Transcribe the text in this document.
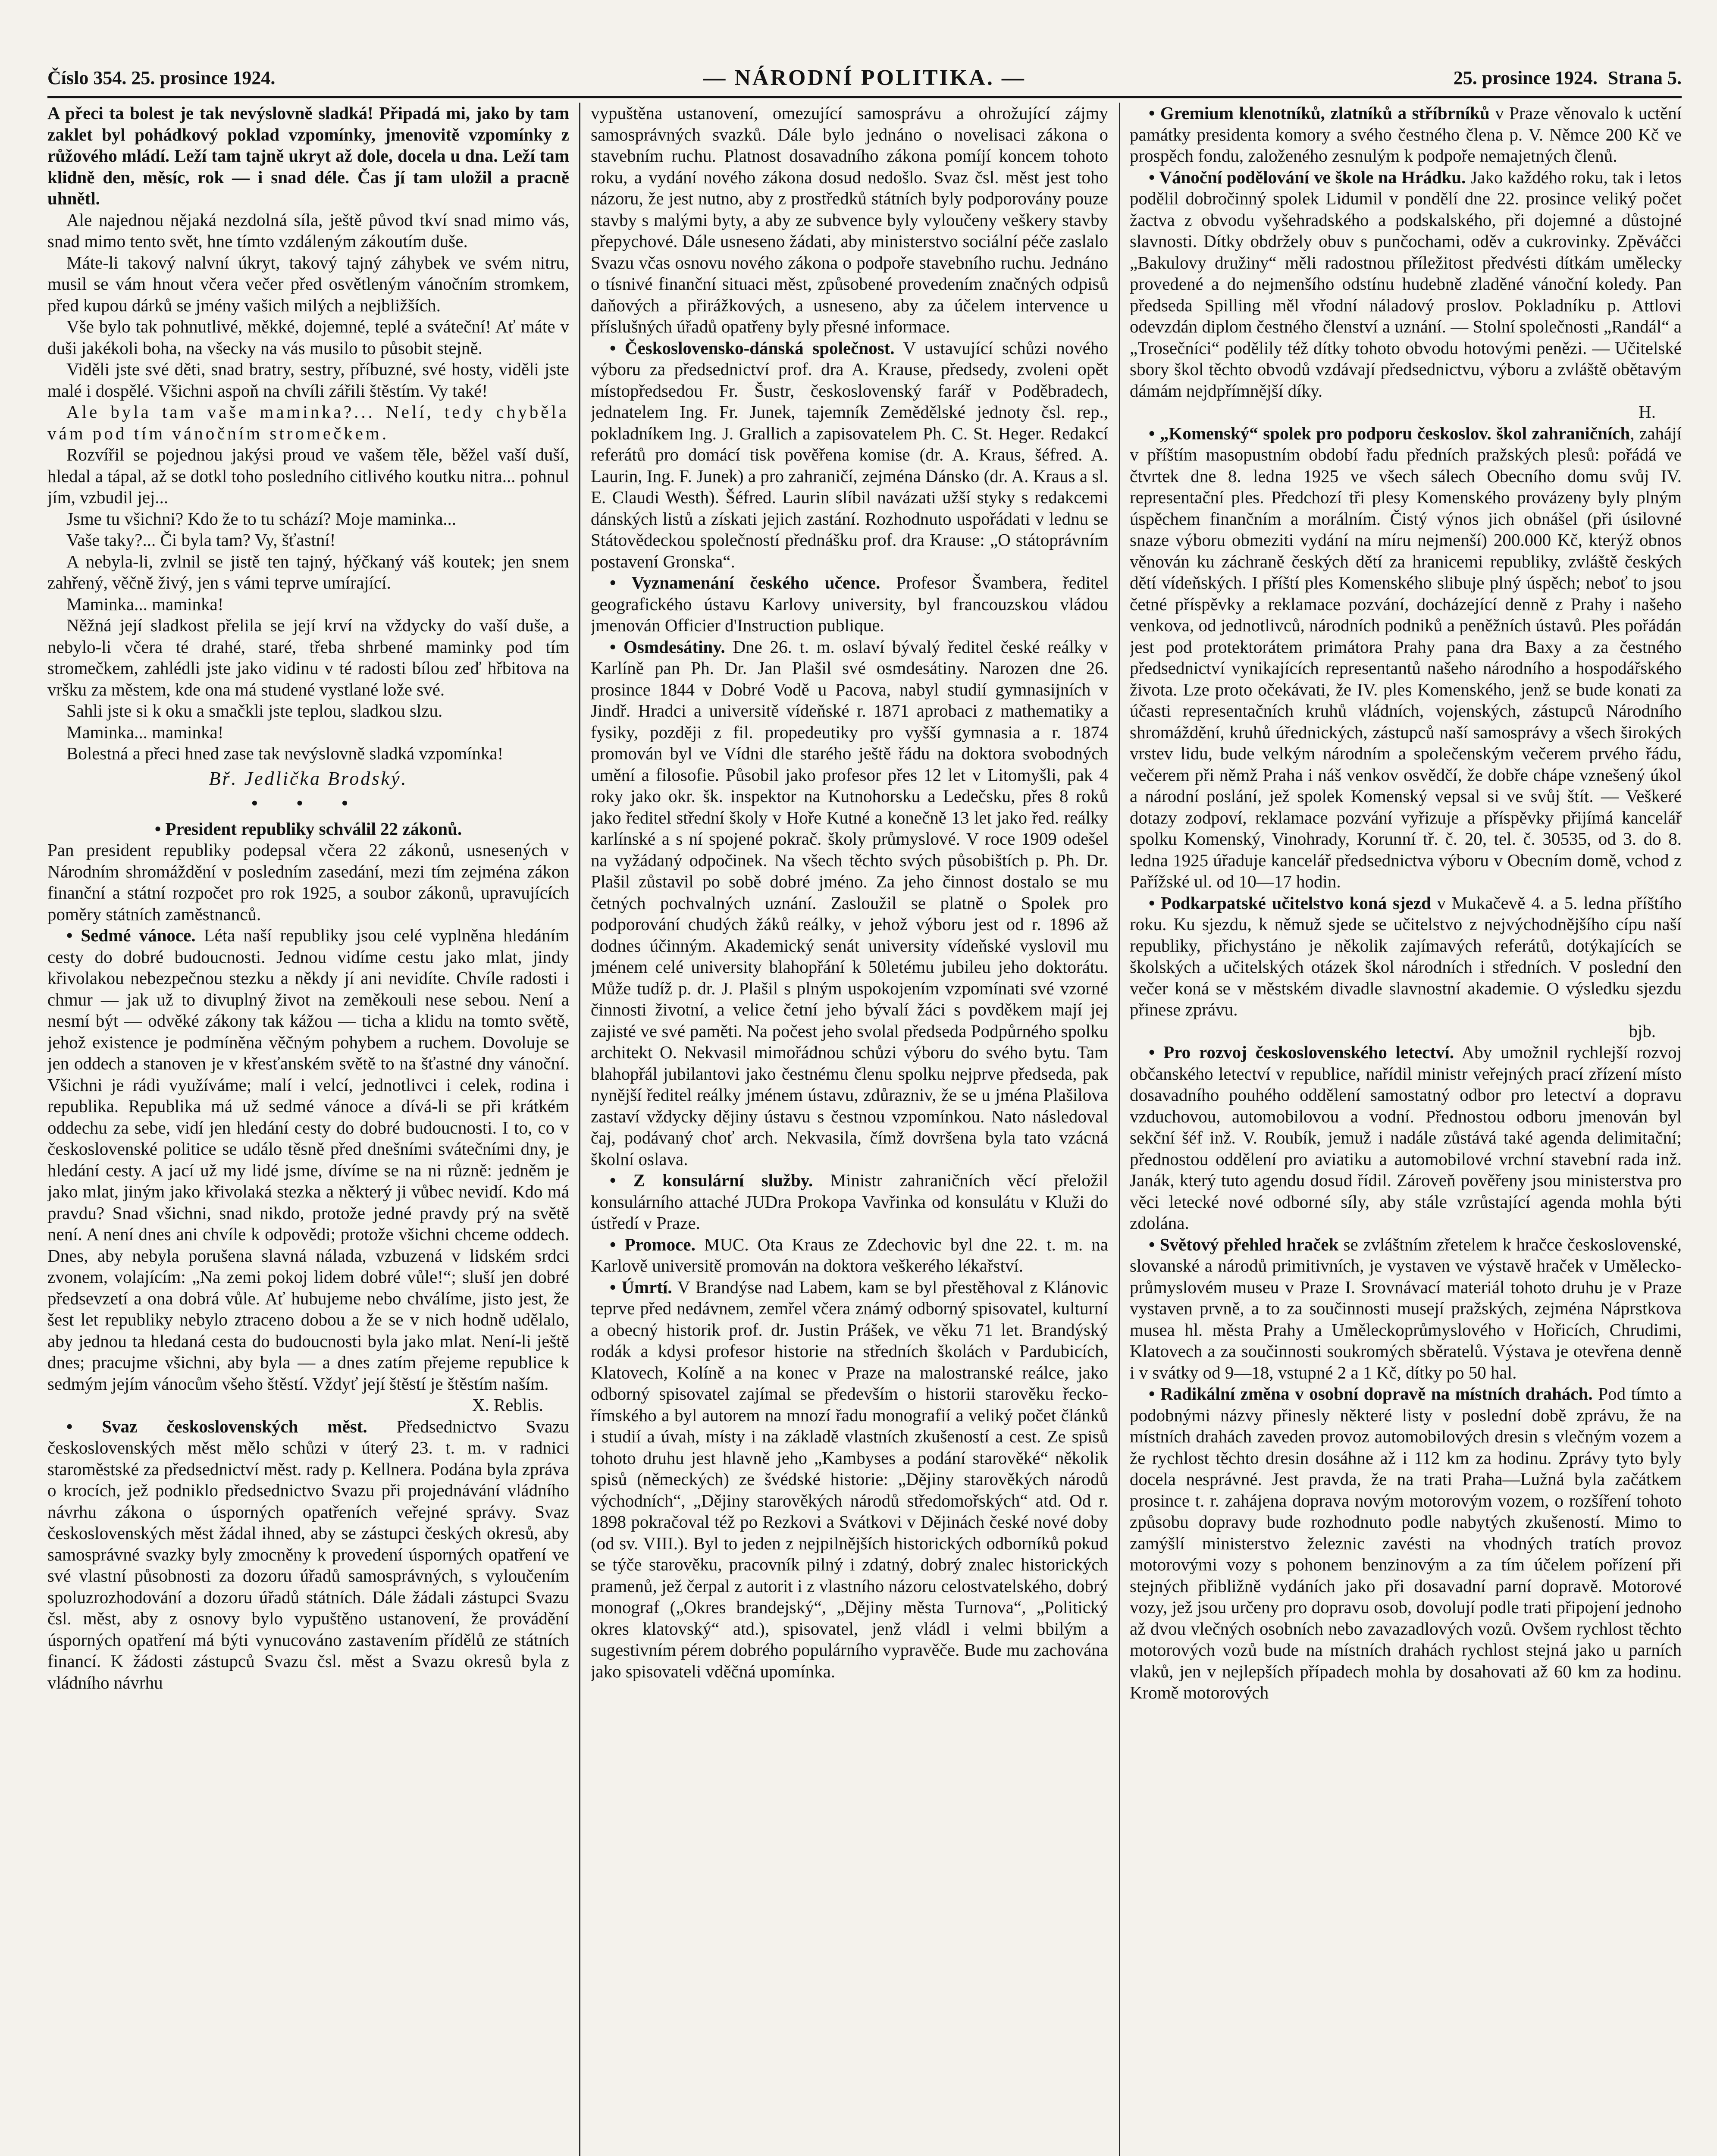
Číslo 354. 25. prosince 1924.	— NÁRODNÍ POLITIKA. —	25. prosince 1924. Strana 5.

A přeci ta bolest je tak nevýslovně sladká! Připadá mi, jako by tam zaklet byl pohádkový poklad vzpomínky, jmenovitě vzpomínky z růžového mládí. Leží tam tajně ukryt až dole, docela u dna. Leží tam klidně den, měsíc, rok — i snad déle. Čas jí tam uložil a pracně uhnětl.

Ale najednou nějaká nezdolná síla, ještě původ tkví snad mimo vás, snad mimo tento svět, hne tímto vzdáleným zákoutím duše.

Máte-li takový nalvní úkryt, takový tajný záhybek ve svém nitru, musil se vám hnout včera večer před osvětleným vánočním stromkem, před kupou dárků se jmény vašich milých a nejbližších.

Vše bylo tak pohnutlivé, měkké, dojemné, teplé a sváteční! Ať máte v duši jakékoli boha, na všecky na vás musilo to působit stejně.

Viděli jste své děti, snad bratry, sestry, příbuzné, své hosty, viděli jste malé i dospělé. Všichni aspoň na chvíli zářili štěstím. Vy také!

Ale byla tam vaše maminka?... Nelí, tedy chyběla vám pod tím vánočním stromečkem.

Rozvířil se pojednou jakýsi proud ve vašem těle, běžel vaší duší, hledal a tápal, až se dotkl toho posledního citlivého koutku nitra... pohnul jím, vzbudil jej...

Jsme tu všichni? Kdo že to tu schází? Moje maminka...

Vaše taky?... Či byla tam? Vy, šťastní!

A nebyla-li, zvlnil se jistě ten tajný, hýčkaný váš koutek; jen snem zahřený, věčně živý, jen s vámi teprve umírající.

Maminka... maminka!

Něžná její sladkost přelila se její krví na vždycky do vaší duše, a nebylo-li včera té drahé, staré, třeba shrbené maminky pod tím stromečkem, zahlédli jste jako vidinu v té radosti bílou zeď hřbitova na vršku za městem, kde ona má studené vystlané lože své.

Sahli jste si k oku a smačkli jste teplou, sladkou slzu.

Maminka... maminka!

Bolestná a přeci hned zase tak nevýslovně sladká vzpomínka!

Bř. Jedlička Brodský.

• • •

• President republiky schválil 22 zákonů.

Pan president republiky podepsal včera 22 zákonů, usnesených v Národním shromáždění v posledním zasedání, mezi tím zejména zákon finanční a státní rozpočet pro rok 1925, a soubor zákonů, upravujících poměry státních zaměstnanců.

• Sedmé vánoce. Léta naší republiky jsou celé vyplněna hledáním cesty do dobré budoucnosti. Jednou vidíme cestu jako mlat, jindy křivolakou nebezpečnou stezku a někdy jí ani nevidíte. Chvíle radosti i chmur — jak už to divuplný život na zeměkouli nese sebou. Není a nesmí být — odvěké zákony tak kážou — ticha a klidu na tomto světě, jehož existence je podmíněna věčným pohybem a ruchem. Dovoluje se jen oddech a stanoven je v křesťanském světě to na šťastné dny vánoční. Všichni je rádi využíváme; malí i velcí, jednotlivci i celek, rodina i republika. Republika má už sedmé vánoce a dívá-li se při krátkém oddechu za sebe, vidí jen hledání cesty do dobré budoucnosti. I to, co v československé politice se událo těsně před dnešními svátečními dny, je hledání cesty. A jací už my lidé jsme, dívíme se na ni různě: jedněm je jako mlat, jiným jako křivolaká stezka a některý ji vůbec nevidí. Kdo má pravdu? Snad všichni, snad nikdo, protože jedné pravdy prý na světě není. A není dnes ani chvíle k odpovědi; protože všichni chceme oddech. Dnes, aby nebyla porušena slavná nálada, vzbuzená v lidském srdci zvonem, volajícím: „Na zemi pokoj lidem dobré vůle!“; sluší jen dobré předsevzetí a ona dobrá vůle. Ať hubujeme nebo chválíme, jisto jest, že šest let republiky nebylo ztraceno dobou a že se v nich hodně udělalo, aby jednou ta hledaná cesta do budoucnosti byla jako mlat. Není-li ještě dnes; pracujme všichni, aby byla — a dnes zatím přejeme republice k sedmým jejím vánocům všeho štěstí. Vždyť její štěstí je štěstím naším.

X. Reblis.

• Svaz československých měst. Předsednictvo Svazu československých měst mělo schůzi v úterý 23. t. m. v radnici staroměstské za předsednictví měst. rady p. Kellnera. Podána byla zpráva o krocích, jež podniklo předsednictvo Svazu při projednávání vládního návrhu zákona o úsporných opatřeních veřejné správy. Svaz československých měst žádal ihned, aby se zástupci českých okresů, aby samosprávné svazky byly zmocněny k provedení úsporných opatření ve své vlastní působnosti za dozoru úřadů samosprávných, s vyloučením spoluzrozhodování a dozoru úřadů státních. Dále žádali zástupci Svazu čsl. měst, aby z osnovy bylo vypuštěno ustanovení, že provádění úsporných opatření má býti vynucováno zastavením přídělů ze státních financí. K žádosti zástupců Svazu čsl. měst a Svazu okresů byla z vládního návrhu

vypuštěna ustanovení, omezující samosprávu a ohrožující zájmy samosprávných svazků. Dále bylo jednáno o novelisaci zákona o stavebním ruchu. Platnost dosavadního zákona pomíjí koncem tohoto roku, a vydání nového zákona dosud nedošlo. Svaz čsl. měst jest toho názoru, že jest nutno, aby z prostředků státních byly podporovány pouze stavby s malými byty, a aby ze subvence byly vyloučeny veškery stavby přepychové. Dále usneseno žádati, aby ministerstvo sociální péče zaslalo Svazu včas osnovu nového zákona o podpoře stavebního ruchu. Jednáno o tísnivé finanční situaci měst, způsobené provedením značných odpisů daňových a přirážkových, a usneseno, aby za účelem intervence u příslušných úřadů opatřeny byly přesné informace.

• Československo-dánská společnost. V ustavující schůzi nového výboru za předsednictví prof. dra A. Krause, předsedy, zvoleni opět místopředsedou Fr. Šustr, československý farář v Poděbradech, jednatelem Ing. Fr. Junek, tajemník Zemědělské jednoty čsl. rep., pokladníkem Ing. J. Grallich a zapisovatelem Ph. C. St. Heger. Redakcí referátů pro domácí tisk pověřena komise (dr. A. Kraus, šéfred. A. Laurin, Ing. F. Junek) a pro zahraničí, zejména Dánsko (dr. A. Kraus a sl. E. Claudi Westh). Šéfred. Laurin slíbil navázati užší styky s redakcemi dánských listů a získati jejich zastání. Rozhodnuto uspořádati v lednu se Státovědeckou společností přednášku prof. dra Krause: „O státoprávním postavení Gronska“.

• Vyznamenání českého učence. Profesor Švambera, ředitel geografického ústavu Karlovy university, byl francouzskou vládou jmenován Officier d'Instruction publique.

• Osmdesátiny. Dne 26. t. m. oslaví bývalý ředitel české reálky v Karlíně pan Ph. Dr. Jan Plašil své osmdesátiny. Narozen dne 26. prosince 1844 v Dobré Vodě u Pacova, nabyl studií gymnasijních v Jindř. Hradci a universitě vídeňské r. 1871 aprobaci z mathematiky a fysiky, později z fil. propedeutiky pro vyšší gymnasia a r. 1874 promován byl ve Vídni dle starého ještě řádu na doktora svobodných umění a filosofie. Působil jako profesor přes 12 let v Litomyšli, pak 4 roky jako okr. šk. inspektor na Kutnohorsku a Ledečsku, přes 8 roků jako ředitel střední školy v Hoře Kutné a konečně 13 let jako řed. reálky karlínské a s ní spojené pokrač. školy průmyslové. V roce 1909 odešel na vyžádaný odpočinek. Na všech těchto svých působištích p. Ph. Dr. Plašil zůstavil po sobě dobré jméno. Za jeho činnost dostalo se mu četných pochvalných uznání. Zasloužil se platně o Spolek pro podporování chudých žáků reálky, v jehož výboru jest od r. 1896 až dodnes účinným. Akademický senát university vídeňské vyslovil mu jménem celé university blahopřání k 50letému jubileu jeho doktorátu. Může tudíž p. dr. J. Plašil s plným uspokojením vzpomínati své vzorné činnosti životní, a velice četní jeho bývalí žáci s povděkem mají jej zajisté ve své paměti. Na počest jeho svolal předseda Podpůrného spolku architekt O. Nekvasil mimořádnou schůzi výboru do svého bytu. Tam blahopřál jubilantovi jako čestnému členu spolku nejprve předseda, pak nynější ředitel reálky jménem ústavu, zdůrazniv, že se u jména Plašilova zastaví vždycky dějiny ústavu s čestnou vzpomínkou. Nato následoval čaj, podávaný choť arch. Nekvasila, čímž dovršena byla tato vzácná školní oslava.

• Z konsulární služby. Ministr zahraničních věcí přeložil konsulárního attaché JUDra Prokopa Vavřinka od konsulátu v Kluži do ústředí v Praze.

• Promoce. MUC. Ota Kraus ze Zdechovic byl dne 22. t. m. na Karlově universitě promován na doktora veškerého lékařství.

• Úmrtí. V Brandýse nad Labem, kam se byl přestěhoval z Klánovic teprve před nedávnem, zemřel včera známý odborný spisovatel, kulturní a obecný historik prof. dr. Justin Prášek, ve věku 71 let. Brandýský rodák a kdysi profesor historie na středních školách v Pardubicích, Klatovech, Kolíně a na konec v Praze na malostranské reálce, jako odborný spisovatel zajímal se především o historii starověku řecko-římského a byl autorem na mnozí řadu monografií a veliký počet článků i studií a úvah, místy i na základě vlastních zkušeností a cest. Ze spisů tohoto druhu jest hlavně jeho „Kambyses a podání starověké“ několik spisů (německých) ze švédské historie: „Dějiny starověkých národů východních“, „Dějiny starověkých národů středomořských“ atd. Od r. 1898 pokračoval též po Rezkovi a Svátkovi v Dějinách české nové doby (od sv. VIII.). Byl to jeden z nejpilnějších historických odborníků pokud se týče starověku, pracovník pilný i zdatný, dobrý znalec historických pramenů, jež čerpal z autorit i z vlastního názoru celostvatelského, dobrý monograf („Okres brandejský“, „Dějiny města Turnova“, „Politický okres klatovský“ atd.), spisovatel, jenž vládl i velmi bbilým a sugestivním pérem dobrého populárního vypravěče. Bude mu zachována jako spisovateli vděčná upomínka.

• Gremium klenotníků, zlatníků a stříbrníků v Praze věnovalo k uctění památky presidenta komory a svého čestného člena p. V. Němce 200 Kč ve prospěch fondu, založeného zesnulým k podpoře nemajetných členů.

• Vánoční podělování ve škole na Hrádku. Jako každého roku, tak i letos podělil dobročinný spolek Lidumil v pondělí dne 22. prosince veliký počet žactva z obvodu vyšehradského a podskalského, při dojemné a důstojné slavnosti. Dítky obdržely obuv s punčochami, oděv a cukrovinky. Zpěváčci „Bakulovy družiny“ měli radostnou příležitost předvésti dítkám umělecky provedené a do nejmenšího odstínu hudebně zladěné vánoční koledy. Pan předseda Spilling měl vřodní náladový proslov. Pokladníku p. Attlovi odevzdán diplom čestného členství a uznání. — Stolní společnosti „Randál“ a „Trosečníci“ podělily též dítky tohoto obvodu hotovými penězi. — Učitelské sbory škol těchto obvodů vzdávají předsednictvu, výboru a zvláště obětavým dámám nejdpřímnější díky.

H.

• „Komenský“ spolek pro podporu českoslov. škol zahraničních, zahájí v příštím masopustním období řadu předních pražských plesů: pořádá ve čtvrtek dne 8. ledna 1925 ve všech sálech Obecního domu svůj IV. representační ples. Předchozí tři plesy Komenského provázeny byly plným úspěchem finančním a morálním. Čistý výnos jich obnášel (při úsilovné snaze výboru obmeziti vydání na míru nejmenší) 200.000 Kč, kterýž obnos věnován ku záchraně českých dětí za hranicemi republiky, zvláště českých dětí vídeňských. I příští ples Komenského slibuje plný úspěch; neboť to jsou četné příspěvky a reklamace pozvání, docházející denně z Prahy i našeho venkova, od jednotlivců, národních podniků a peněžních ústavů. Ples pořádán jest pod protektorátem primátora Prahy pana dra Baxy a za čestného předsednictví vynikajících representantů našeho národního a hospodářského života. Lze proto očekávati, že IV. ples Komenského, jenž se bude konati za účasti representačních kruhů vládních, vojenských, zástupců Národního shromáždění, kruhů úřednických, zástupců naší samosprávy a všech širokých vrstev lidu, bude velkým národním a společenským večerem prvého řádu, večerem při němž Praha i náš venkov osvědčí, že dobře chápe vznešený úkol a národní poslání, jež spolek Komenský vepsal si ve svůj štít. — Veškeré dotazy zodpoví, reklamace pozvání vyřizuje a příspěvky přijímá kancelář spolku Komenský, Vinohrady, Korunní tř. č. 20, tel. č. 30535, od 3. do 8. ledna 1925 úřaduje kancelář předsednictva výboru v Obecním domě, vchod z Pařížské ul. od 10—17 hodin.

• Podkarpatské učitelstvo koná sjezd v Mukačevě 4. a 5. ledna příštího roku. Ku sjezdu, k němuž sjede se učitelstvo z nejvýchodnějšího cípu naší republiky, přichystáno je několik zajímavých referátů, dotýkajících se školských a učitelských otázek škol národních i středních. V poslední den večer koná se v městském divadle slavnostní akademie. O výsledku sjezdu přinese zprávu.

bjb.

• Pro rozvoj československého letectví. Aby umožnil rychlejší rozvoj občanského letectví v republice, nařídil ministr veřejných prací zřízení místo dosavadního pouhého oddělení samostatný odbor pro letectví a dopravu vzduchovou, automobilovou a vodní. Přednostou odboru jmenován byl sekční šéf inž. V. Roubík, jemuž i nadále zůstává také agenda delimitační; přednostou oddělení pro aviatiku a automobilové vrchní stavební rada inž. Janák, který tuto agendu dosud řídil. Zároveň pověřeny jsou ministerstva pro věci letecké nové odborné síly, aby stále vzrůstající agenda mohla býti zdolána.

• Světový přehled hraček se zvláštním zřetelem k hračce československé, slovanské a národů primitivních, je vystaven ve výstavě hraček v Umělecko-průmyslovém museu v Praze I. Srovnávací materiál tohoto druhu je v Praze vystaven prvně, a to za součinnosti musejí pražských, zejména Náprstkova musea hl. města Prahy a Uměleckoprůmyslového v Hořicích, Chrudimi, Klatovech a za součinnosti soukromých sběratelů. Výstava je otevřena denně i v svátky od 9—18, vstupné 2 a 1 Kč, dítky po 50 hal.

• Radikální změna v osobní dopravě na místních drahách. Pod tímto a podobnými názvy přinesly některé listy v poslední době zprávu, že na místních drahách zaveden provoz automobilových dresin s vlečným vozem a že rychlost těchto dresin dosáhne až i 112 km za hodinu. Zprávy tyto byly docela nesprávné. Jest pravda, že na trati Praha—Lužná byla začátkem prosince t. r. zahájena doprava novým motorovým vozem, o rozšíření tohoto způsobu dopravy bude rozhodnuto podle nabytých zkušeností. Mimo to zamýšlí ministerstvo železnic zavésti na vhodných tratích provoz motorovými vozy s pohonem benzinovým a za tím účelem pořízení při stejných přibližně vydáních jako při dosavadní parní dopravě. Motorové vozy, jež jsou určeny pro dopravu osob, dovolují podle trati připojení jednoho až dvou vlečných osobních nebo zavazadlových vozů. Ovšem rychlost těchto motorových vozů bude na místních drahách rychlost stejná jako u parních vlaků, jen v nejlepších případech mohla by dosahovati až 60 km za hodinu. Kromě motorových
